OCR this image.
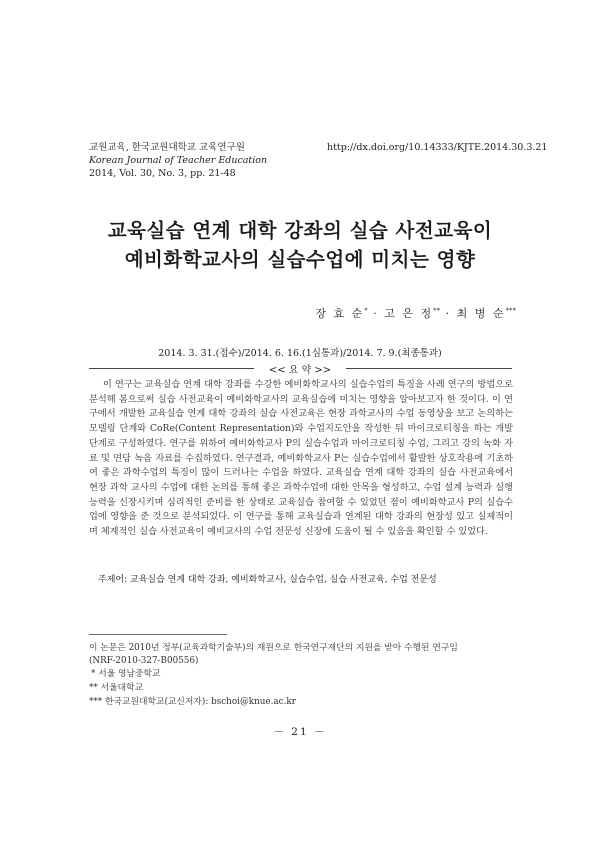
교원교육, 한국교원대학교 교육연구원
Korean Journal of Teacher Education
2014, Vol. 30, No. 3, pp. 21-48
http://dx.doi.org/10.14333/KJTE.2014.30.3.21
교육실습 연계 대학 강좌의 실습 사전교육이
예비화학교사의 실습수업에 미치는 영향
장 효 순* · 고 은 정** · 최 병 순***
2014. 3. 31.(접수)/2014. 6. 16.(1심통과)/2014. 7. 9.(최종통과)
<< 요 약 >>

이 연구는 교육실습 연계 대학 강좌를 수강한 예비화학교사의 실습수업의 특징을 사례 연구의 방법으로 분석해 봄으로써 실습 사전교육이 예비화학교사의 교육실습에 미치는 영향을 알아보고자 한 것이다. 이 연구에서 개발한 교육실습 연계 대학 강좌의 실습 사전교육은 현장 과학교사의 수업 동영상을 보고 논의하는 모델링 단계와 CoRe(Content Representation)와 수업지도안을 작성한 뒤 마이크로티칭을 하는 개발 단계로 구성하였다. 연구를 위하여 예비화학교사 P의 실습수업과 마이크로티칭 수업, 그리고 강의 녹화 자료 및 면담 녹음 자료를 수집하였다. 연구결과, 예비화학교사 P는 실습수업에서 활발한 상호작용에 기초하여 좋은 과학수업의 특징이 많이 드러나는 수업을 하였다. 교육실습 연계 대학 강좌의 실습 사전교육에서 현장 과학 교사의 수업에 대한 논의를 통해 좋은 과학수업에 대한 안목을 형성하고, 수업 설계 능력과 실행 능력을 신장시키며 심리적인 준비를 한 상태로 교육실습 참여할 수 있었던 점이 예비화학교사 P의 실습수업에 영향을 준 것으로 분석되었다. 이 연구를 통해 교육실습과 연계된 대학 강좌의 현장성 있고 실제적이며 체계적인 실습 사전교육이 예비교사의 수업 전문성 신장에 도움이 될 수 있음을 확인할 수 있었다.

주제어: 교육실습 연계 대학 강좌, 예비화학교사, 실습수업, 실습 사전교육, 수업 전문성
이 논문은 2010년 정부(교육과학기술부)의 재원으로 한국연구재단의 지원을 받아 수행된 연구임
(NRF-2010-327-B00556)
* 서울 영남중학교
** 서울대학교
*** 한국교원대학교(교신저자): bschoi@knue.ac.kr
－ 21 －
